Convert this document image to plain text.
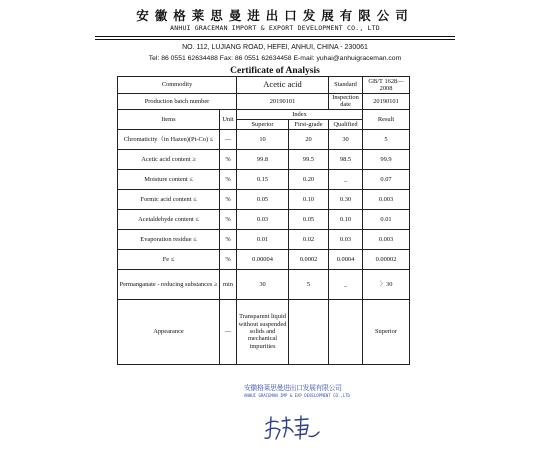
安徽格莱思曼进出口发展有限公司
ANHUI GRACEMAN IMPORT & EXPORT DEVELOPMENT CO., LTD
NO. 112, LUJIANG ROAD, HEFEI, ANHUI, CHINA - 230061
Tel: 86 0551 62634488 Fax: 86 0551 62634458 E-mail: yuhai@anhuigraceman.com
Certificate of Analysis
Commodity		Acetic acid		Standard	GB/T 1628—2008
Production batch number		20190101		Inspection date	20190101
Items	Unit	Index			Result
		Superior	First-grade	Qualified	
Chromaticity（in Hazen)(Pt-Co) ≤	—	10	20	30	5
Acetic acid content ≥	%	99.8	99.5	98.5	99.9
Moisture content ≤	%	0.15	0.20	_	0.07
Formic acid content ≤	%	0.05	0.10	0.30	0.003
Acetaldehyde content ≤	%	0.03	0.05	0.10	0.01
Evaporation residue ≤	%	0.01	0.02	0.03	0.003
Fe ≤	%	0.00004	0.0002	0.0004	0.00002
Permanganate - reducing substances ≥	min	30	5	_	〉30
Appearance	—	Transparent liquid without suspended solids and mechanical impurities			Superior
安徽格莱思曼进出口发展有限公司
ANHUI GRACEMAN IMP & EXP DEVELOPMENT CO.,LTD
